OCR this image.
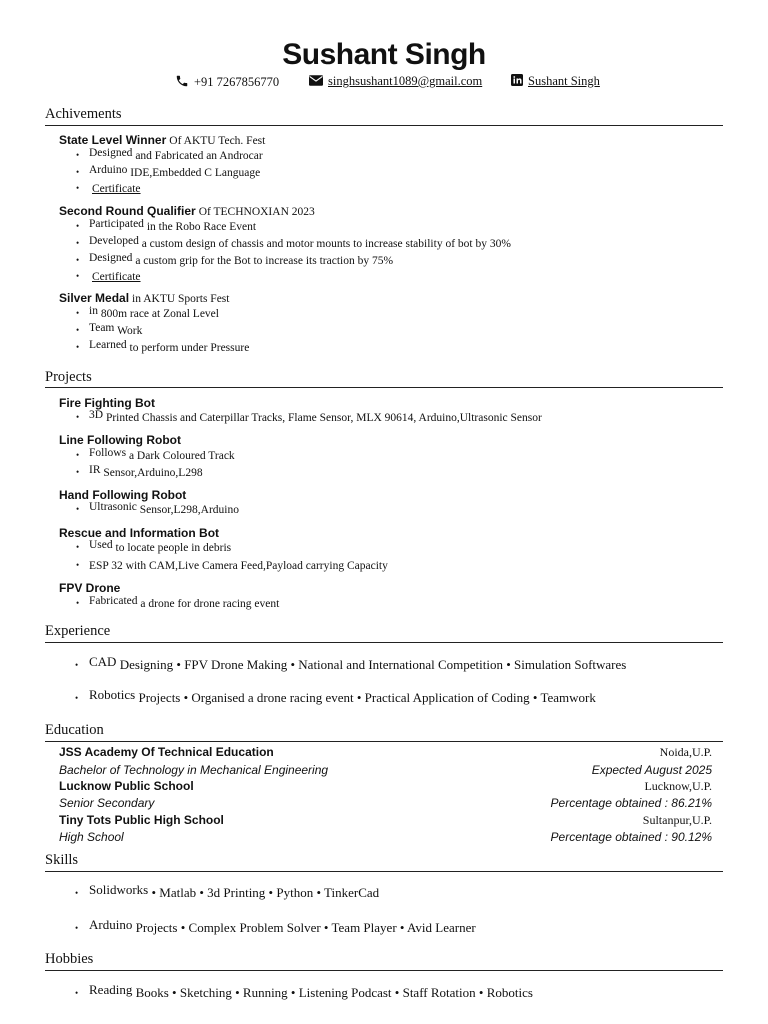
Sushant Singh
+91 7267856770	singhsushant1089@gmail.com	Sushant Singh
Achivements
State Level Winner Of AKTU Tech. Fest
• Designed and Fabricated an Androcar
• Arduino IDE,Embedded C Language
• Certificate
Second Round Qualifier Of TECHNOXIAN 2023
• Participated in the Robo Race Event
• Developed a custom design of chassis and motor mounts to increase stability of bot by 30%
• Designed a custom grip for the Bot to increase its traction by 75%
• Certificate
Silver Medal in AKTU Sports Fest
• in 800m race at Zonal Level
• Team Work
• Learned to perform under Pressure
Projects
Fire Fighting Bot
• 3D Printed Chassis and Caterpillar Tracks, Flame Sensor, MLX 90614, Arduino,Ultrasonic Sensor
Line Following Robot
• Follows a Dark Coloured Track
• IR Sensor,Arduino,L298
Hand Following Robot
• Ultrasonic Sensor,L298,Arduino
Rescue and Information Bot
• Used to locate people in debris
• ESP 32 with CAM,Live Camera Feed,Payload carrying Capacity
FPV Drone
• Fabricated a drone for drone racing event
Experience
• CAD Designing • FPV Drone Making • National and International Competition • Simulation Softwares
• Robotics Projects • Organised a drone racing event • Practical Application of Coding • Teamwork
Education
JSS Academy Of Technical Education	Noida,U.P.
Bachelor of Technology in Mechanical Engineering	Expected August 2025
Lucknow Public School	Lucknow,U.P.
Senior Secondary	Percentage obtained : 86.21%
Tiny Tots Public High School	Sultanpur,U.P.
High School	Percentage obtained : 90.12%
Skills
• Solidworks • Matlab • 3d Printing • Python • TinkerCad
• Arduino Projects • Complex Problem Solver • Team Player • Avid Learner
Hobbies
• Reading Books • Sketching • Running • Listening Podcast • Staff Rotation • Robotics
